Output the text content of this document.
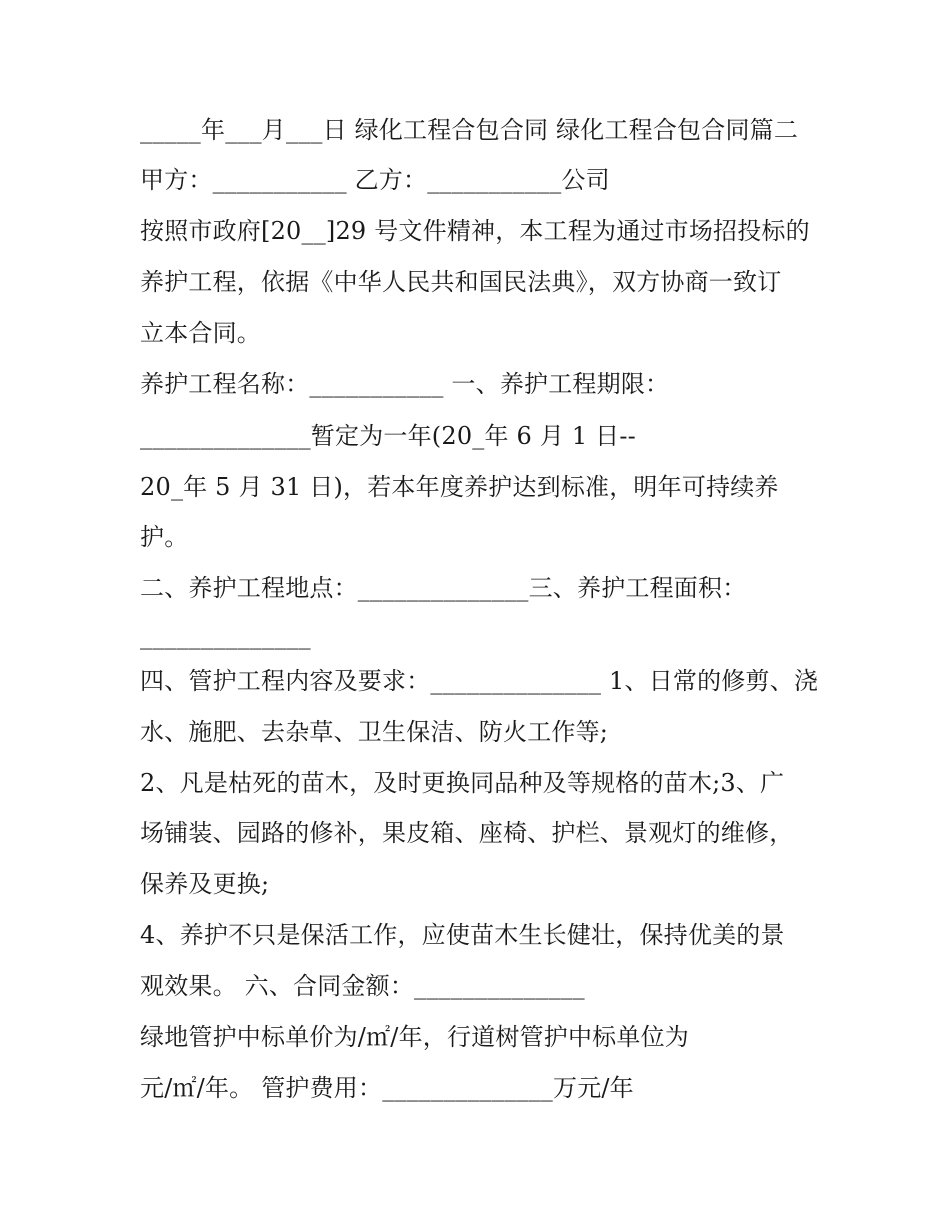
_____年___月___日 绿化工程合包合同 绿化工程合包合同篇二
甲方：___________ 乙方：___________公司
按照市政府[20__]29 号文件精神，本工程为通过市场招投标的
养护工程，依据《中华人民共和国民法典》，双方协商一致订
立本合同。
养护工程名称：___________ 一、养护工程期限：
______________暂定为一年(20_年 6 月 1 日--
20_年 5 月 31 日)，若本年度养护达到标准，明年可持续养
护。
二、养护工程地点：______________三、养护工程面积：
______________
四、管护工程内容及要求：______________ 1、日常的修剪、浇
水、施肥、去杂草、卫生保洁、防火工作等;
2、凡是枯死的苗木，及时更换同品种及等规格的苗木;3、广
场铺装、园路的修补，果皮箱、座椅、护栏、景观灯的维修，
保养及更换;
4、养护不只是保活工作，应使苗木生长健壮，保持优美的景
观效果。 六、合同金额：______________
绿地管护中标单价为/㎡/年，行道树管护中标单位为
元/㎡/年。 管护费用：______________万元/年
